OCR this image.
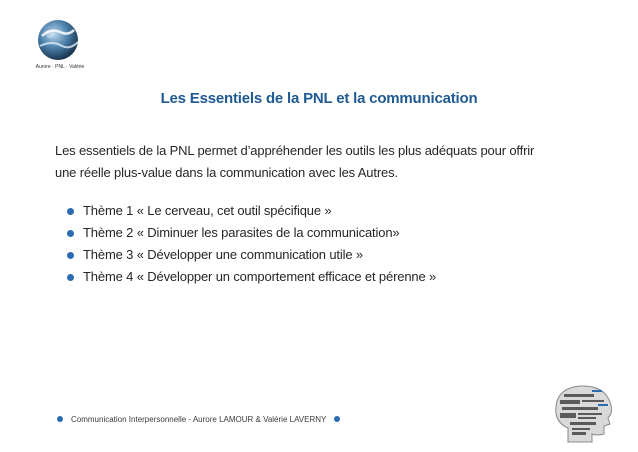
Aurore · PNL · Valérie
Les Essentiels de la PNL et la communication
Les essentiels de la PNL permet d’appréhender les outils les plus adéquats pour offrir
une réelle plus-value dans la communication avec les Autres.
Thème 1 « Le cerveau, cet outil spécifique »
Thème 2 « Diminuer les parasites de la communication»
Thème 3 « Développer une communication utile »
Thème 4 « Développer un comportement efficace et pérenne »
Communication Interpersonnelle - Aurore LAMOUR & Valérie LAVERNY
